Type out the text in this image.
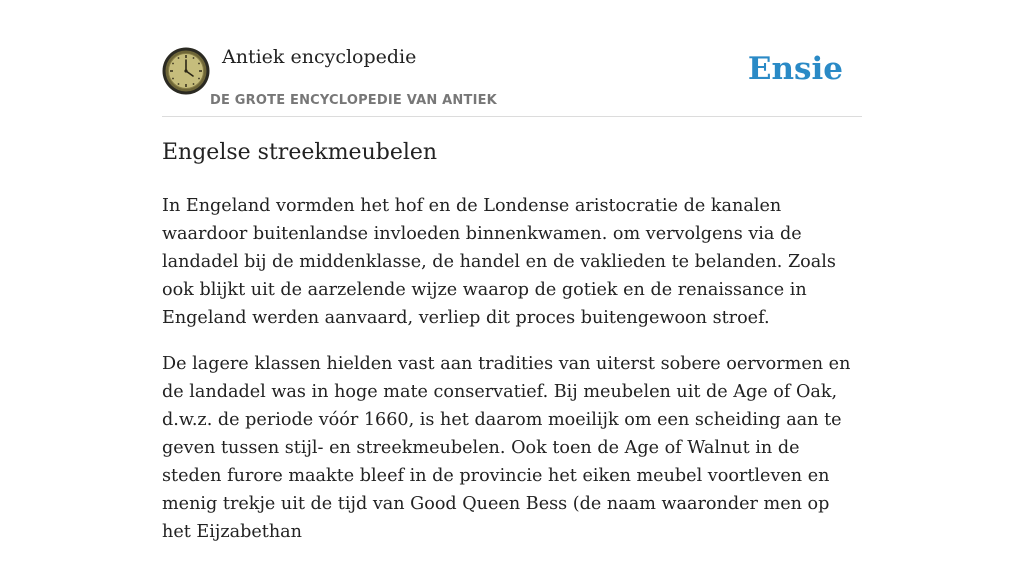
Antiek encyclopedie
DE GROTE ENCYCLOPEDIE VAN ANTIEK
Ensie
Engelse streekmeubelen

In Engeland vormden het hof en de Londense aristocratie de kanalen waardoor buitenlandse invloeden binnenkwamen. om vervolgens via de landadel bij de middenklasse, de handel en de vaklieden te belanden. Zoals ook blijkt uit de aarzelende wijze waarop de gotiek en de renaissance in Engeland werden aanvaard, verliep dit proces buitengewoon stroef.

De lagere klassen hielden vast aan tradities van uiterst sobere oervormen en de landadel was in hoge mate conservatief. Bij meubelen uit de Age of Oak, d.w.z. de periode vóór 1660, is het daarom moeilijk om een scheiding aan te geven tussen stijl- en streekmeubelen. Ook toen de Age of Walnut in de steden furore maakte bleef in de provincie het eiken meubel voortleven en menig trekje uit de tijd van Good Queen Bess (de naam waaronder men op het Eijzabethan
